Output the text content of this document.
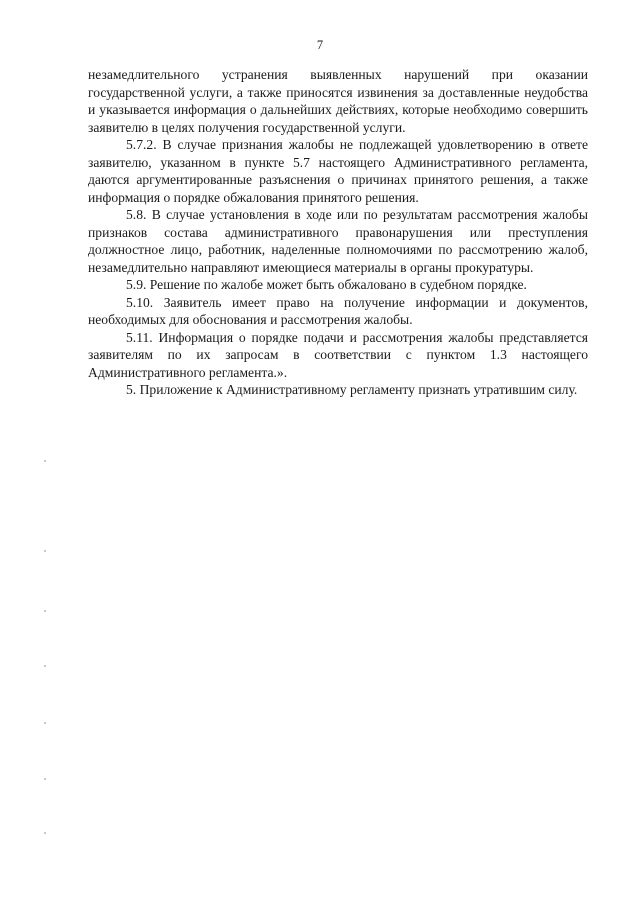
7

незамедлительного устранения выявленных нарушений при оказании государственной услуги, а также приносятся извинения за доставленные неудобства и указывается информация о дальнейших действиях, которые необходимо совершить заявителю в целях получения государственной услуги.

5.7.2. В случае признания жалобы не подлежащей удовлетворению в ответе заявителю, указанном в пункте 5.7 настоящего Административного регламента, даются аргументированные разъяснения о причинах принятого решения, а также информация о порядке обжалования принятого решения.

5.8. В случае установления в ходе или по результатам рассмотрения жалобы признаков состава административного правонарушения или преступления должностное лицо, работник, наделенные полномочиями по рассмотрению жалоб, незамедлительно направляют имеющиеся материалы в органы прокуратуры.

5.9. Решение по жалобе может быть обжаловано в судебном порядке.

5.10. Заявитель имеет право на получение информации и документов, необходимых для обоснования и рассмотрения жалобы.

5.11. Информация о порядке подачи и рассмотрения жалобы представляется заявителям по их запросам в соответствии с пунктом 1.3 настоящего Административного регламента.».

5. Приложение к Административному регламенту признать утратившим силу.
